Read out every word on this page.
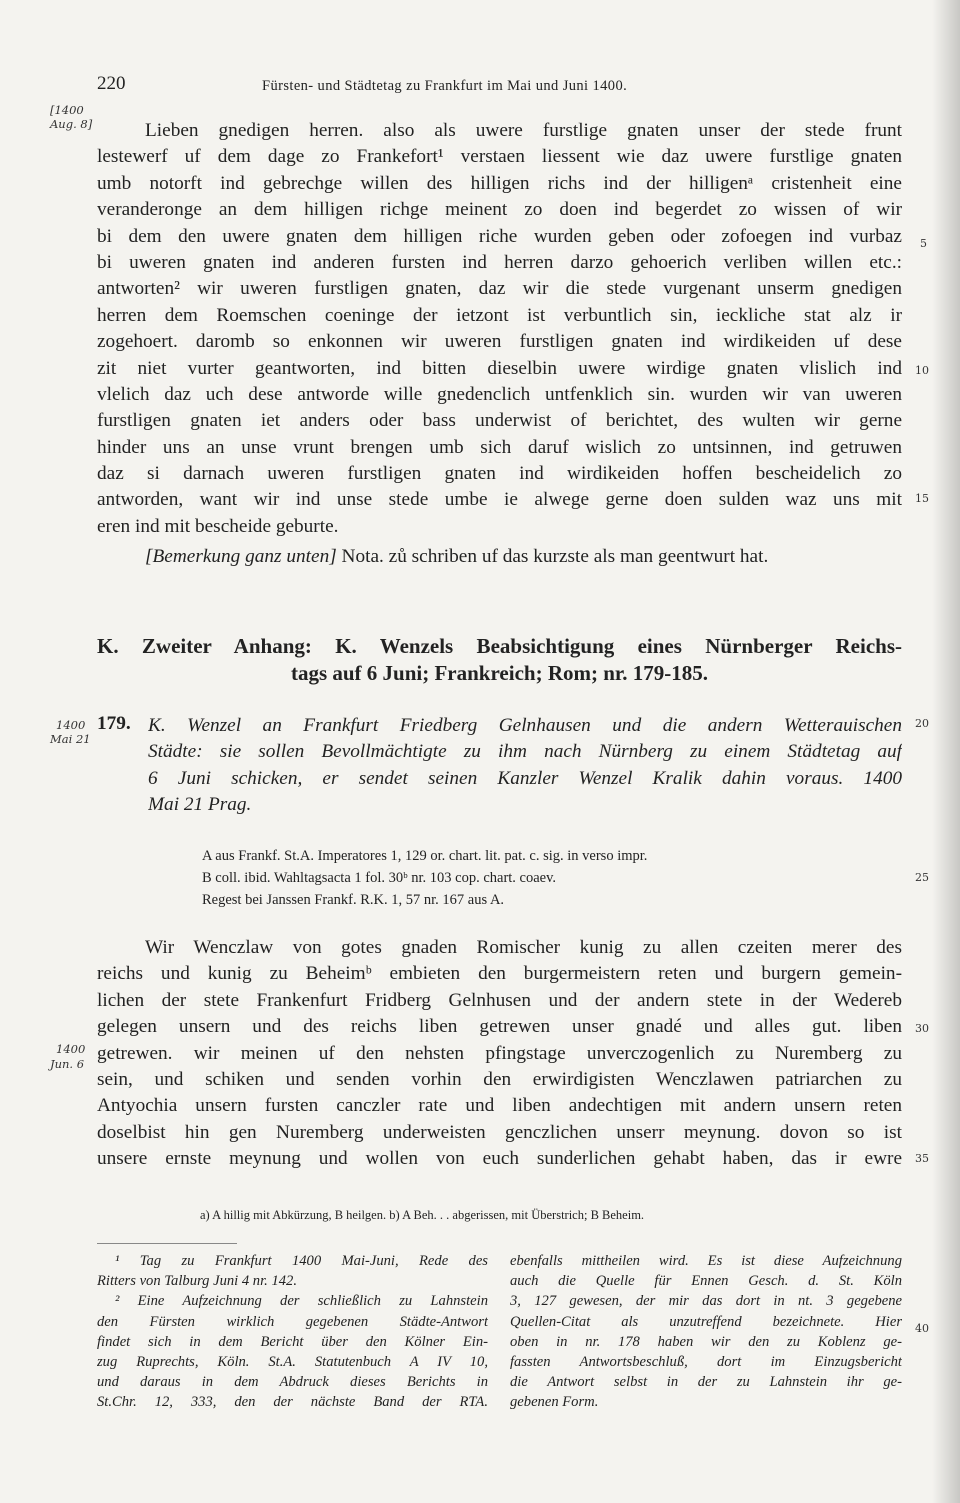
220	Fürsten- und Städtetag zu Frankfurt im Mai und Juni 1400.
[1400
Aug. 8]	Lieben gnedigen herren. also als uwere furstlige gnaten unser der stede frunt
lestewerf uf dem dage zo Frankefort¹ verstaen liessent wie daz uwere furstlige gnaten
umb notorft ind gebrechge willen des hilligen richs ind der hilligenᵃ cristenheit eine
veranderonge an dem hilligen richge meinent zo doen ind begerdet zo wissen of wir
bi dem den uwere gnaten dem hilligen riche wurden geben oder zofoegen ind vurbaz
bi uweren gnaten ind anderen fursten ind herren darzo gehoerich verliben willen etc.:
antworten² wir uweren furstligen gnaten, daz wir die stede vurgenant unserm gnedigen
herren dem Roemschen coeninge der ietzont ist verbuntlich sin, ieckliche stat alz ir
zogehoert. daromb so enkonnen wir uweren furstligen gnaten ind wirdikeiden uf dese
zit niet vurter geantworten, ind bitten dieselbin uwere wirdige gnaten vlislich ind
vlelich daz uch dese antworde wille gnedenclich untfenklich sin. wurden wir van uweren
furstligen gnaten iet anders oder bass underwist of berichtet, des wulten wir gerne
hinder uns an unse vrunt brengen umb sich daruf wislich zo untsinnen, ind getruwen
daz si darnach uweren furstligen gnaten ind wirdikeiden hoffen bescheidelich zo
antworden, want wir ind unse stede umbe ie alwege gerne doen sulden waz uns mit
eren ind mit bescheide geburte.
[Bemerkung ganz unten] Nota. zů schriben uf das kurzste als man geentwurt hat.
5
10
15
20
25
30
35
40
K. Zweiter Anhang: K. Wenzels Beabsichtigung eines Nürnberger Reichs-
tags auf 6 Juni; Frankreich; Rom; nr. 179-185.
1400
Mai 21
179. K. Wenzel an Frankfurt Friedberg Gelnhausen und die andern Wetterauischen
Städte: sie sollen Bevollmächtigte zu ihm nach Nürnberg zu einem Städtetag auf
6 Juni schicken, er sendet seinen Kanzler Wenzel Kralik dahin voraus. 1400
Mai 21 Prag.
A aus Frankf. St.A. Imperatores 1, 129 or. chart. lit. pat. c. sig. in verso impr.
B coll. ibid. Wahltagsacta 1 fol. 30ᵇ nr. 103 cop. chart. coaev.
Regest bei Janssen Frankf. R.K. 1, 57 nr. 167 aus A.
1400
Jun. 6
Wir Wenczlaw von gotes gnaden Romischer kunig zu allen czeiten merer des
reichs und kunig zu Beheimᵇ embieten den burgermeistern reten und burgern gemein-
lichen der stete Frankenfurt Fridberg Gelnhusen und der andern stete in der Wedereb
gelegen unsern und des reichs liben getrewen unser gnadé und alles gut. liben
getrewen. wir meinen uf den nehsten pfingstage unverczogenlich zu Nuremberg zu
sein, und schiken und senden vorhin den erwirdigisten Wenczlawen patriarchen zu
Antyochia unsern fursten canczler rate und liben andechtigen mit andern unsern reten
doselbist hin gen Nuremberg underweisten genczlichen unserr meynung. dovon so ist
unsere ernste meynung und wollen von euch sunderlichen gehabt haben, das ir ewre
a) A hillig mit Abkürzung, B heilgen. b) A Beh. . . abgerissen, mit Überstrich; B Beheim.
¹ Tag zu Frankfurt 1400 Mai-Juni, Rede des
Ritters von Talburg Juni 4 nr. 142.
² Eine Aufzeichnung der schließlich zu Lahnstein
den Fürsten wirklich gegebenen Städte-Antwort
findet sich in dem Bericht über den Kölner Ein-
zug Ruprechts, Köln. St.A. Statutenbuch A IV 10,
und daraus in dem Abdruck dieses Berichts in
St.Chr. 12, 333, den der nächste Band der RTA.
ebenfalls mittheilen wird. Es ist diese Aufzeichnung
auch die Quelle für Ennen Gesch. d. St. Köln
3, 127 gewesen, der mir das dort in nt. 3 gegebene
Quellen-Citat als unzutreffend bezeichnete. Hier
oben in nr. 178 haben wir den zu Koblenz ge-
fassten Antwortsbeschluß, dort im Einzugsbericht
die Antwort selbst in der zu Lahnstein ihr ge-
gebenen Form.
